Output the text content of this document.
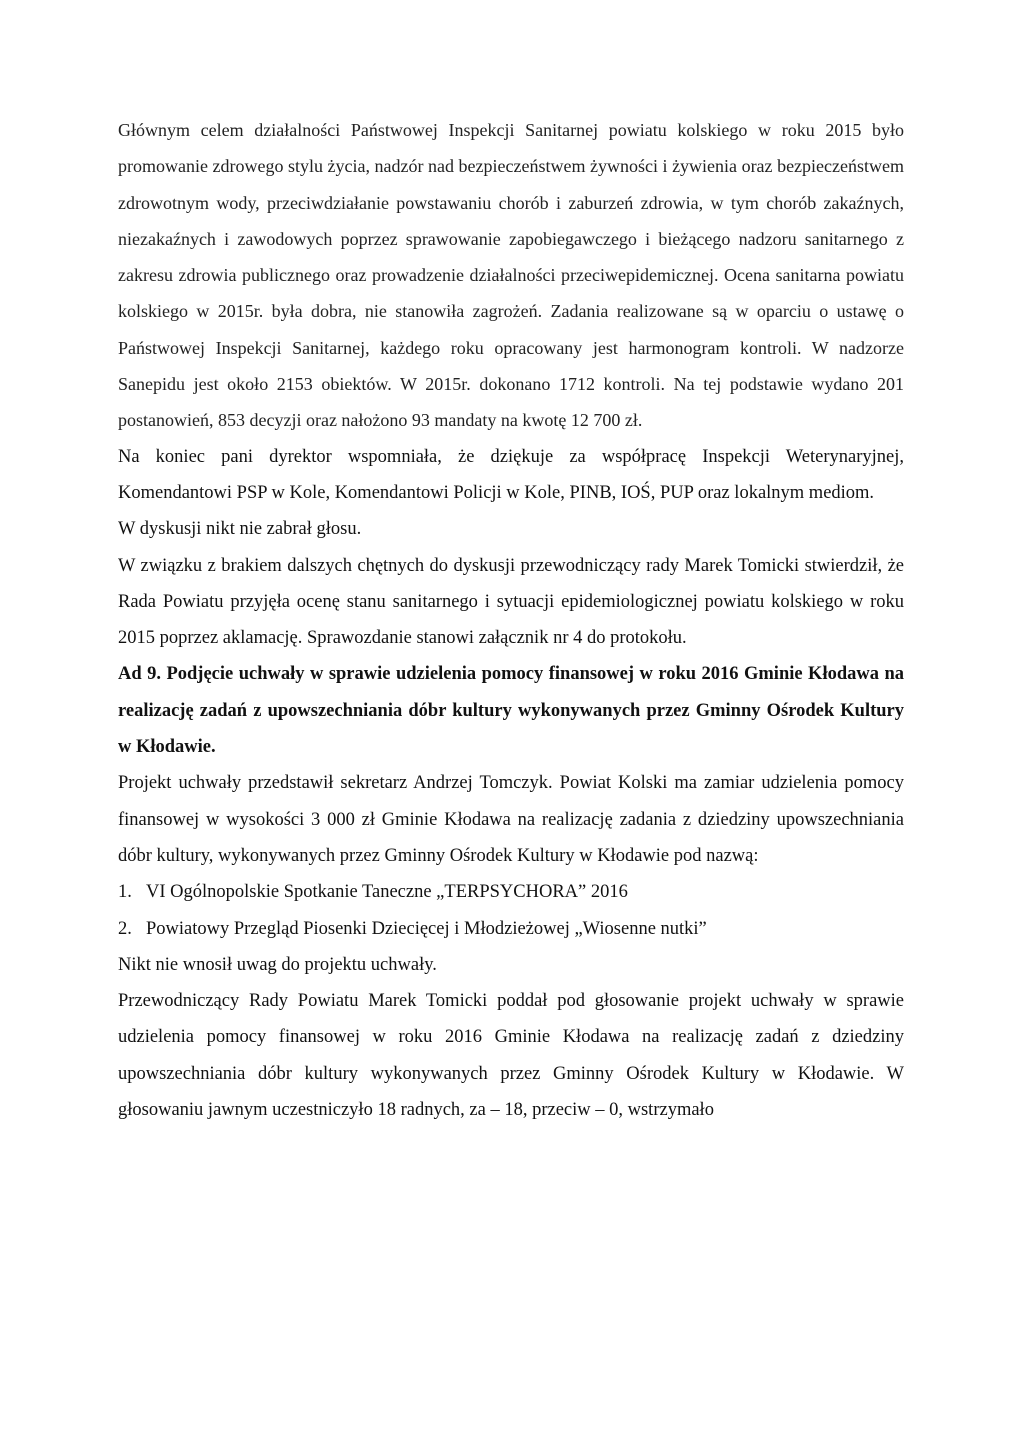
Głównym celem działalności Państwowej Inspekcji Sanitarnej powiatu kolskiego w roku 2015 było promowanie zdrowego stylu życia, nadzór nad bezpieczeństwem żywności i żywienia oraz bezpieczeństwem zdrowotnym wody, przeciwdziałanie powstawaniu chorób i zaburzeń zdrowia, w tym chorób zakaźnych, niezakaźnych i zawodowych poprzez sprawowanie zapobiegawczego i bieżącego nadzoru sanitarnego z zakresu zdrowia publicznego oraz prowadzenie działalności przeciwepidemicznej. Ocena sanitarna powiatu kolskiego w 2015r. była dobra, nie stanowiła zagrożeń. Zadania realizowane są w oparciu o ustawę o Państwowej Inspekcji Sanitarnej, każdego roku opracowany jest harmonogram kontroli. W nadzorze Sanepidu jest około 2153 obiektów. W 2015r. dokonano 1712 kontroli. Na tej podstawie wydano 201 postanowień, 853 decyzji oraz nałożono 93 mandaty na kwotę 12 700 zł.

Na koniec pani dyrektor wspomniała, że dziękuje za współpracę Inspekcji Weterynaryjnej, Komendantowi PSP w Kole, Komendantowi Policji w Kole, PINB, IOŚ, PUP oraz lokalnym mediom.

W dyskusji nikt nie zabrał głosu.

W związku z brakiem dalszych chętnych do dyskusji przewodniczący rady Marek Tomicki stwierdził, że Rada Powiatu przyjęła ocenę stanu sanitarnego i sytuacji epidemiologicznej powiatu kolskiego w roku 2015 poprzez aklamację. Sprawozdanie stanowi załącznik nr 4 do protokołu.

Ad 9. Podjęcie uchwały w sprawie udzielenia pomocy finansowej w roku 2016 Gminie Kłodawa na realizację zadań z upowszechniania dóbr kultury wykonywanych przez Gminny Ośrodek Kultury w Kłodawie.

Projekt uchwały przedstawił sekretarz Andrzej Tomczyk. Powiat Kolski ma zamiar udzielenia pomocy finansowej w wysokości 3 000 zł Gminie Kłodawa na realizację zadania z dziedziny upowszechniania dóbr kultury, wykonywanych przez Gminny Ośrodek Kultury w Kłodawie pod nazwą:

1. VI Ogólnopolskie Spotkanie Taneczne „TERPSYCHORA” 2016

2. Powiatowy Przegląd Piosenki Dziecięcej i Młodzieżowej „Wiosenne nutki”

Nikt nie wnosił uwag do projektu uchwały.

Przewodniczący Rady Powiatu Marek Tomicki poddał pod głosowanie projekt uchwały w sprawie udzielenia pomocy finansowej w roku 2016 Gminie Kłodawa na realizację zadań z dziedziny upowszechniania dóbr kultury wykonywanych przez Gminny Ośrodek Kultury w Kłodawie. W głosowaniu jawnym uczestniczyło 18 radnych, za – 18, przeciw – 0, wstrzymało
